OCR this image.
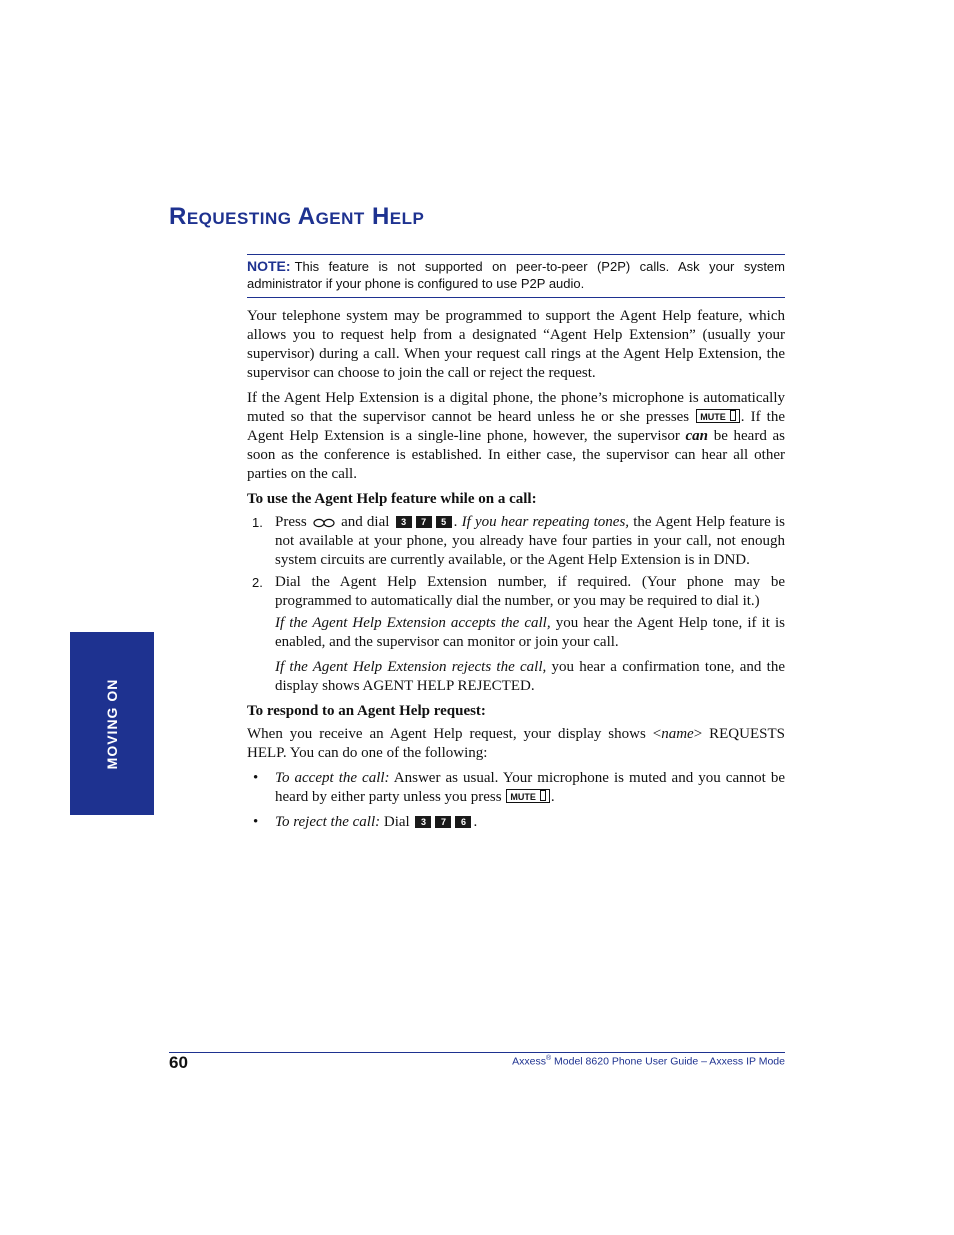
Requesting Agent Help
NOTE: This feature is not supported on peer-to-peer (P2P) calls. Ask your system administrator if your phone is configured to use P2P audio.

Your telephone system may be programmed to support the Agent Help feature, which allows you to request help from a designated “Agent Help Extension” (usually your supervisor) during a call. When your request call rings at the Agent Help Extension, the supervisor can choose to join the call or reject the request.

If the Agent Help Extension is a digital phone, the phone’s microphone is automatically muted so that the supervisor cannot be heard unless he or she presses MUTE . If the Agent Help Extension is a single-line phone, however, the supervisor can be heard as soon as the conference is established. In either case, the supervisor can hear all other parties on the call.

To use the Agent Help feature while on a call:
1. Press and dial 3 7 5 . If you hear repeating tones, the Agent Help feature is not available at your phone, you already have four parties in your call, not enough system circuits are currently available, or the Agent Help Extension is in DND.
2. Dial the Agent Help Extension number, if required. (Your phone may be programmed to automatically dial the number, or you may be required to dial it.)

If the Agent Help Extension accepts the call, you hear the Agent Help tone, if it is enabled, and the supervisor can monitor or join your call.

If the Agent Help Extension rejects the call, you hear a confirmation tone, and the display shows AGENT HELP REJECTED.

To respond to an Agent Help request:

When you receive an Agent Help request, your display shows <name> REQUESTS HELP. You can do one of the following:

• To accept the call: Answer as usual. Your microphone is muted and you cannot be heard by either party unless you press MUTE .
• To reject the call: Dial 3 7 6 .
MOVING ON
60	Axxess® Model 8620 Phone User Guide – Axxess IP Mode
